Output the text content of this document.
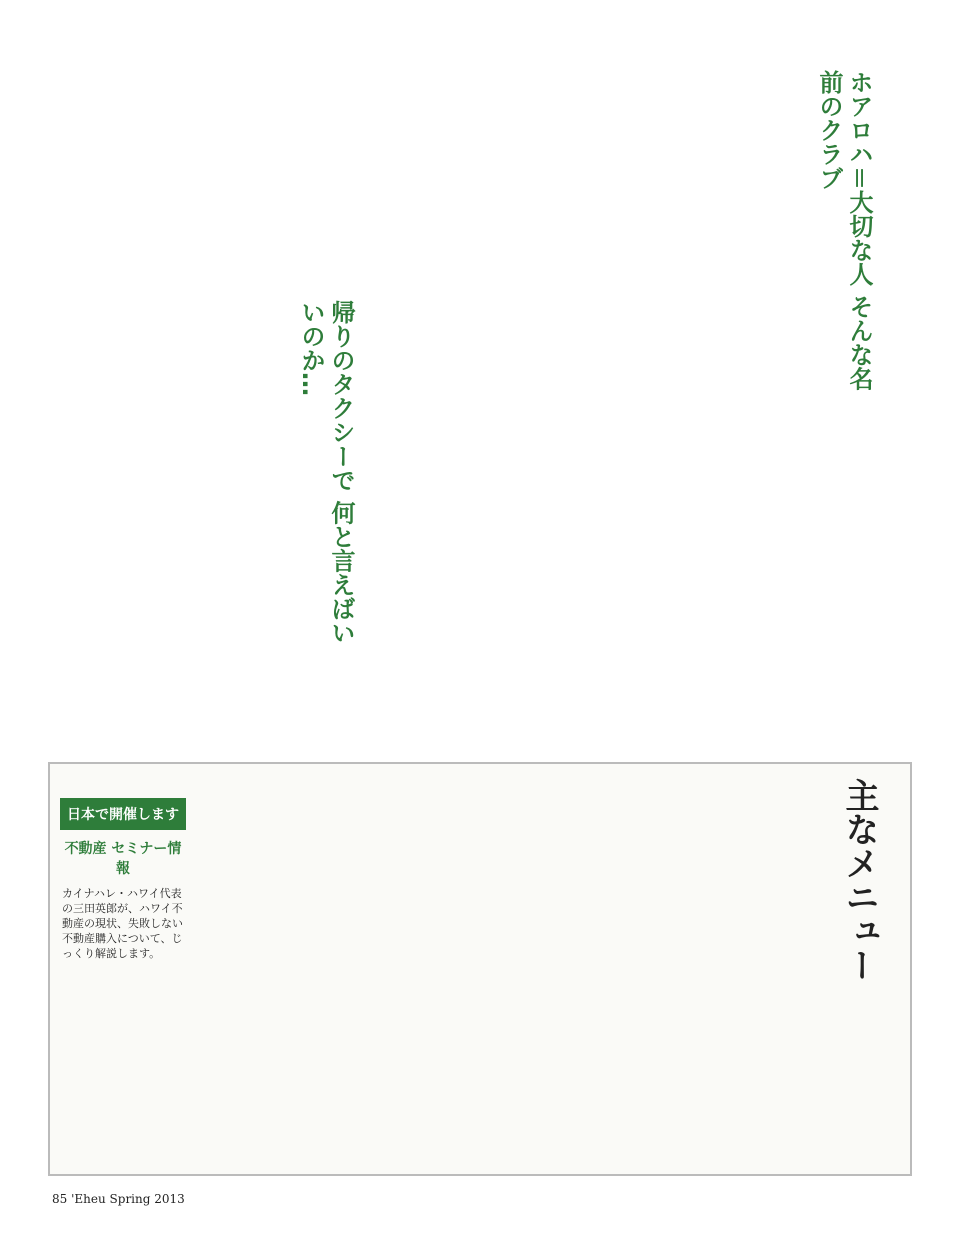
ホアロハ＝大切な人 そんな名前のクラブ
帰りのタクシーで 何と言えばいいのか…
主なメニュー
日本で開催します
不動産 セミナー情報
カイナハレ・ハワイ代表の三田英郎が、ハワイ不動産の現状、失敗しない不動産購入について、じっくり解説します。
85 'Eheu Spring 2013
